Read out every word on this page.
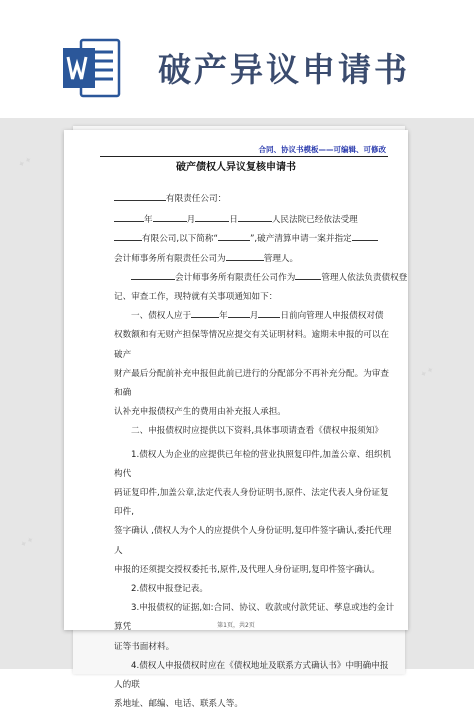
破产异议申请书
✦✦
✦✦
✦✦
合同、协议书模板——可编辑、可修改
破产债权人异议复核申请书
有限责任公司：
年	月	日	人民法院已经依法受理
有限公司,以下简称“	”,破产清算申请一案并指定
会计师事务所有限责任公司为	管理人。
会计师事务所有限责任公司作为	管理人依法负责债权登
记、审查工作，现特就有关事项通知如下：
一、债权人应于	年	月	日前向管理人申报债权对债
权数额和有无财产担保等情况应提交有关证明材料。逾期未申报的可以在破产
财产最后分配前补充申报但此前已进行的分配部分不再补充分配。为审查和确
认补充申报债权产生的费用由补充报人承担。
二、申报债权时应提供以下资料,具体事项请查看《债权申报须知》
1.债权人为企业的应提供已年检的营业执照复印件,加盖公章、组织机构代
码证复印件,加盖公章,法定代表人身份证明书,原件、法定代表人身份证复印件,
签字确认 ,债权人为个人的应提供个人身份证明,复印件签字确认,委托代理人
申报的还须提交授权委托书,原件,及代理人身份证明,复印件签字确认。
2.债权申报登记表。
3.申报债权的证据,如:合同、协议、收款或付款凭证、孳息或违约金计算凭
证等书面材料。
4.债权人申报债权时应在《债权地址及联系方式确认书》中明确申报人的联
系地址、邮编、电话、联系人等。
第1页，共2页
